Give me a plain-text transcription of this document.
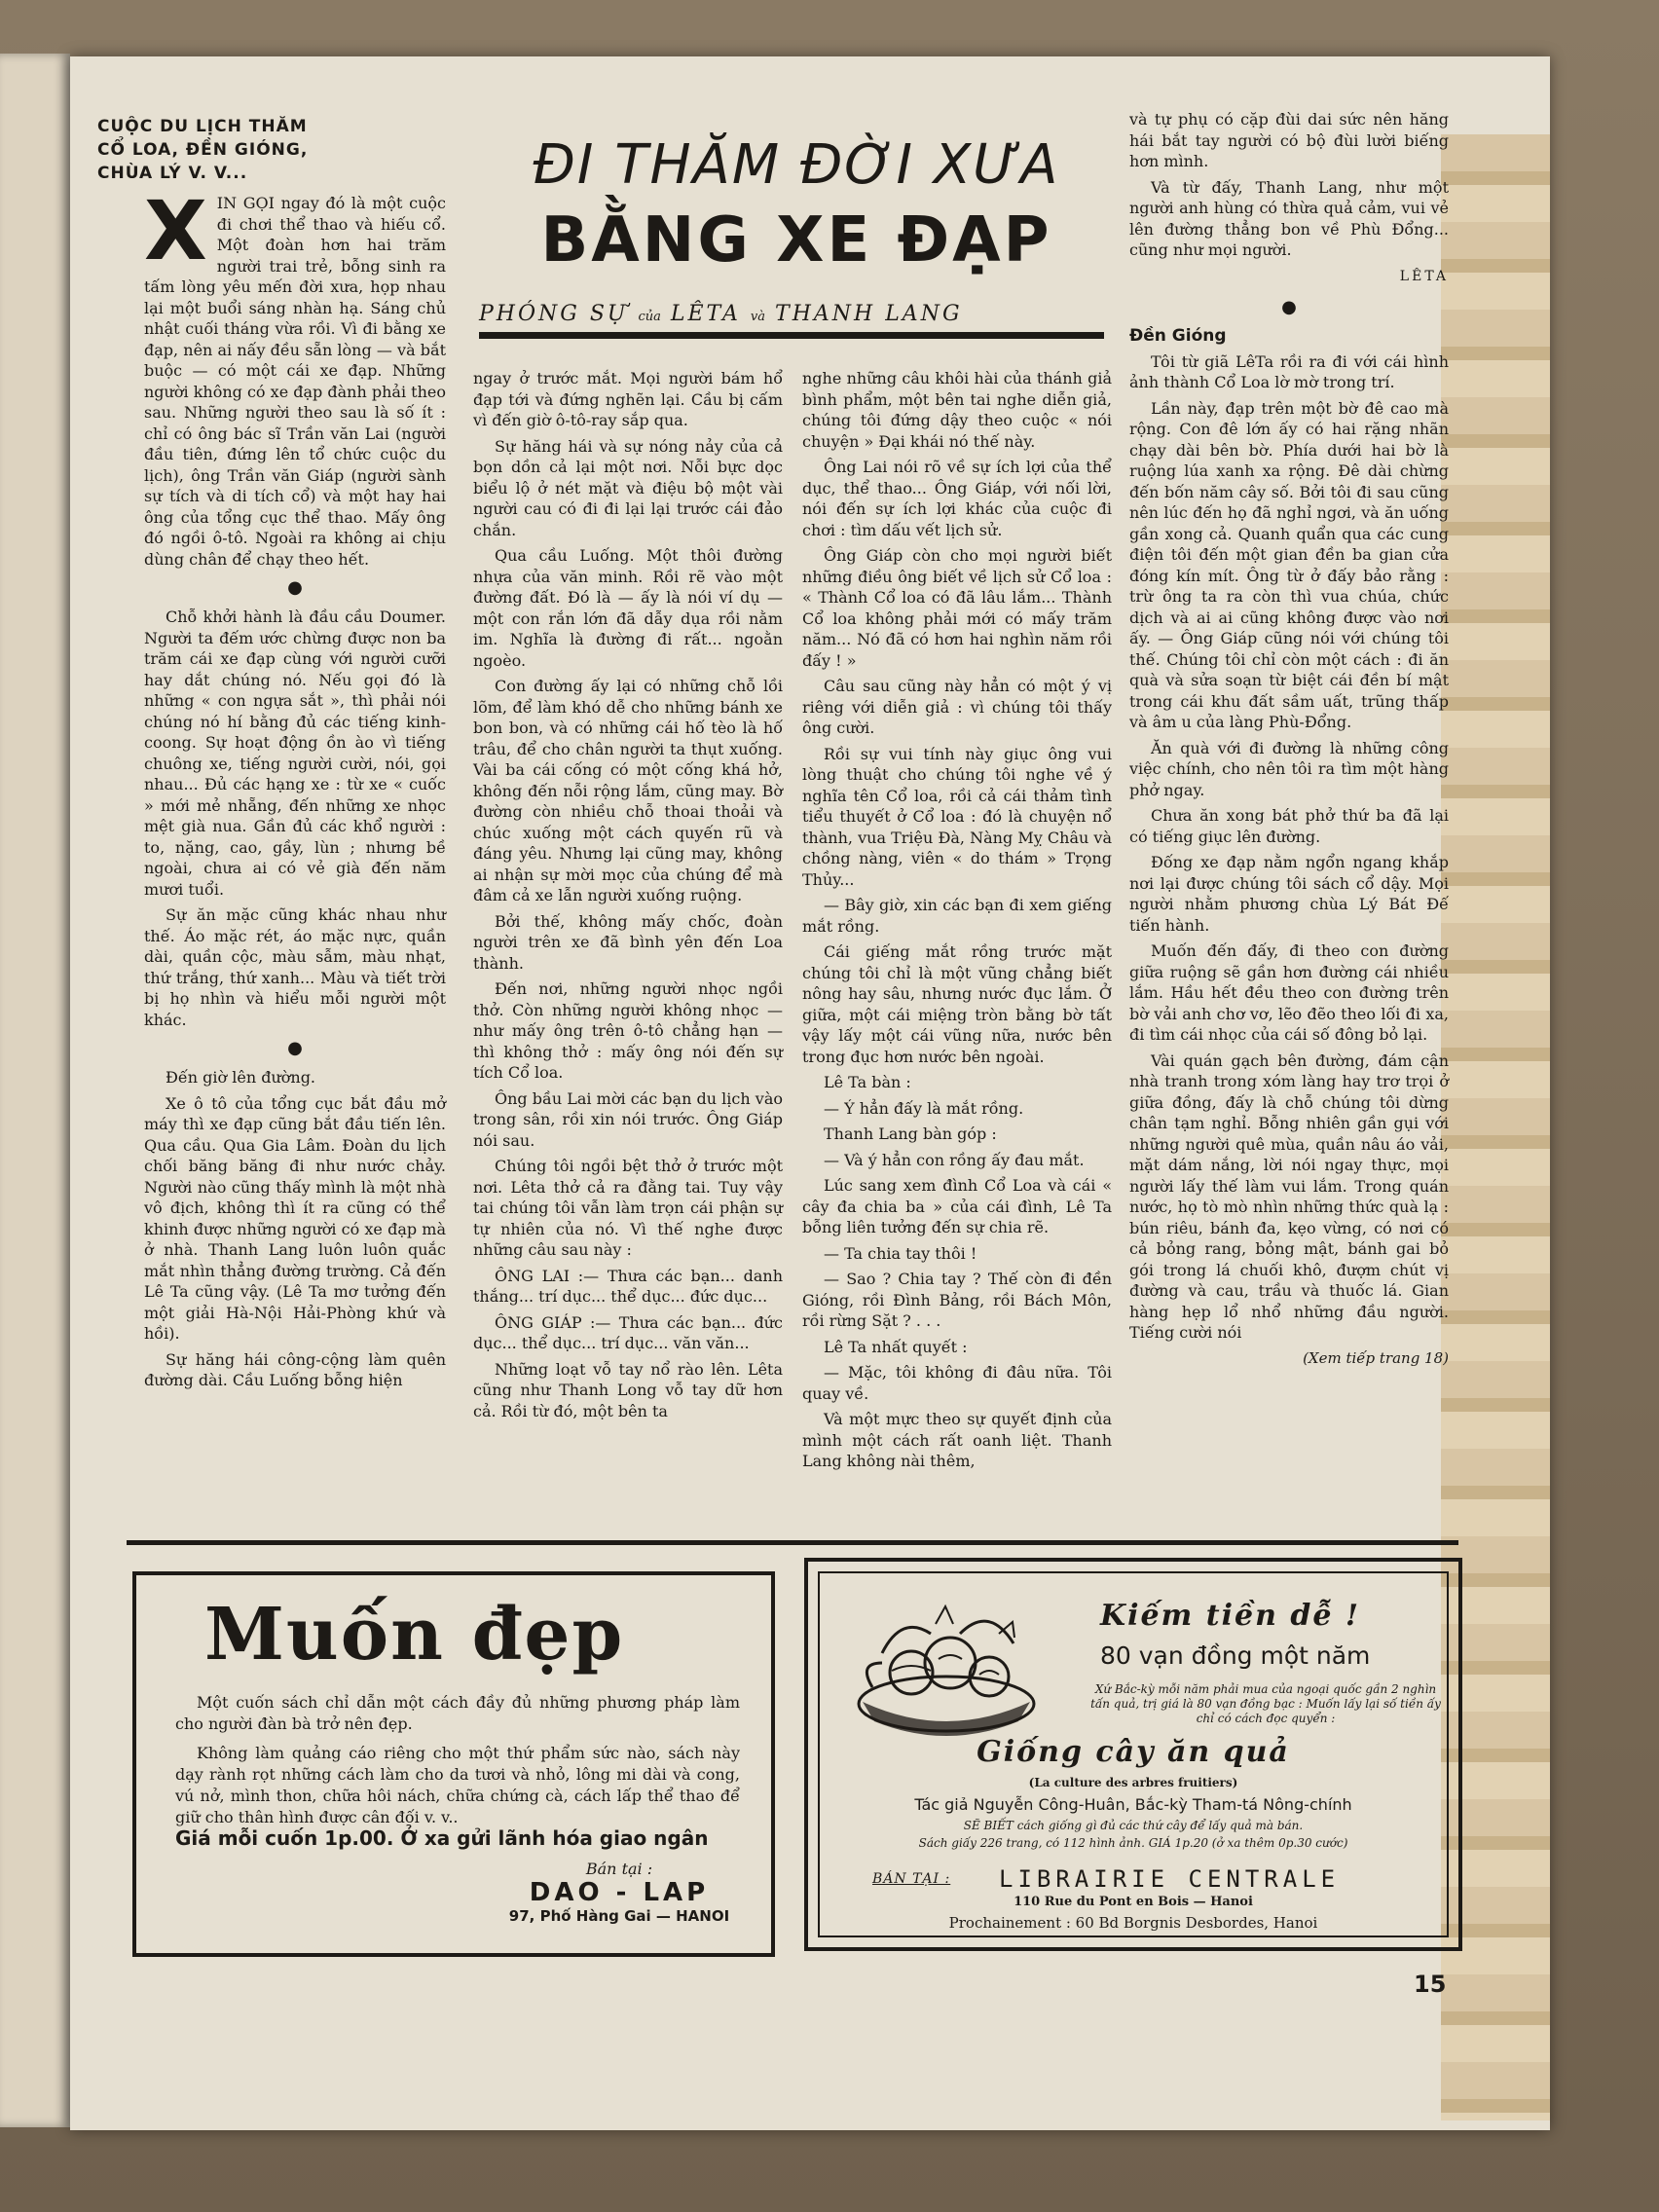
CUỘC DU LỊCH THĂM
CỔ LOA, ĐỀN GIÓNG,
CHÙA LÝ V. V...	ĐI THĂM ĐỜI XƯA
BẰNG XE ĐẠP
PHÓNG SỰ của LÊTA và THANH LANG

XIN GỌI ngay đó là một cuộc đi chơi thể thao và hiếu cổ. Một đoàn hơn hai trăm người trai trẻ, bỗng sinh ra tấm lòng yêu mến đời xưa, họp nhau lại một buổi sáng nhàn hạ. Sáng chủ nhật cuối tháng vừa rồi. Vì đi bằng xe đạp, nên ai nấy đều sẵn lòng — và bắt buộc — có một cái xe đạp. Những người không có xe đạp đành phải theo sau. Những người theo sau là số ít : chỉ có ông bác sĩ Trần văn Lai (người đầu tiên, đứng lên tổ chức cuộc du lịch), ông Trần văn Giáp (người sành sự tích và di tích cổ) và một hay hai ông của tổng cục thể thao. Mấy ông đó ngồi ô-tô. Ngoài ra không ai chịu dùng chân để chạy theo hết.

●

Chỗ khởi hành là đầu cầu Doumer. Người ta đếm ước chừng được non ba trăm cái xe đạp cùng với người cưỡi hay dắt chúng nó. Nếu gọi đó là những « con ngựa sắt », thì phải nói chúng nó hí bằng đủ các tiếng kinh-coong. Sự hoạt động ồn ào vì tiếng chuông xe, tiếng người cười, nói, gọi nhau... Đủ các hạng xe : từ xe « cuốc » mới mẻ nhẵng, đến những xe nhọc mệt già nua. Gần đủ các khổ người : to, nặng, cao, gầy, lùn ; nhưng bề ngoài, chưa ai có vẻ già đến năm mươi tuổi.

Sự ăn mặc cũng khác nhau như thế. Áo mặc rét, áo mặc nực, quần dài, quần cộc, màu sẫm, màu nhạt, thứ trắng, thứ xanh... Màu và tiết trời bị họ nhìn và hiểu mỗi người một khác.

●

Đến giờ lên đường.

Xe ô tô của tổng cục bắt đầu mở máy thì xe đạp cũng bắt đầu tiến lên. Qua cầu. Qua Gia Lâm. Đoàn du lịch chối băng băng đi như nước chảy. Người nào cũng thấy mình là một nhà vô địch, không thì ít ra cũng có thể khinh được những người có xe đạp mà ở nhà. Thanh Lang luôn luôn quắc mắt nhìn thẳng đường trường. Cả đến Lê Ta cũng vậy. (Lê Ta mơ tưởng đến một giải Hà-Nội Hải-Phòng khứ và hồi).

Sự hăng hái công-cộng làm quên đường dài. Cầu Luống bỗng hiện

ngay ở trước mắt. Mọi người bám hổ đạp tới và đứng nghẽn lại. Cầu bị cấm vì đến giờ ô-tô-ray sắp qua.

Sự hăng hái và sự nóng nảy của cả bọn dồn cả lại một nơi. Nỗi bực dọc biểu lộ ở nét mặt và điệu bộ một vài người cau có đi đi lại lại trước cái đảo chắn.

Qua cầu Luống. Một thôi đường nhựa của văn minh. Rồi rẽ vào một đường đất. Đó là — ấy là nói ví dụ — một con rắn lớn đã dẫy dụa rồi nằm im. Nghĩa là đường đi rất... ngoằn ngoèo.

Con đường ấy lại có những chỗ lồi lõm, để làm khó dễ cho những bánh xe bon bon, và có những cái hố tèo là hố trâu, để cho chân người ta thụt xuống. Vài ba cái cống có một cống khá hở, không đến nỗi rộng lắm, cũng may. Bờ đường còn nhiều chỗ thoai thoải và chúc xuống một cách quyến rũ và đáng yêu. Nhưng lại cũng may, không ai nhận sự mời mọc của chúng để mà đâm cả xe lẫn người xuống ruộng.

Bởi thế, không mấy chốc, đoàn người trên xe đã bình yên đến Loa thành.

Đến nơi, những người nhọc ngồi thở. Còn những người không nhọc — như mấy ông trên ô-tô chẳng hạn — thì không thở : mấy ông nói đến sự tích Cổ loa.

Ông bầu Lai mời các bạn du lịch vào trong sân, rồi xin nói trước. Ông Giáp nói sau.

Chúng tôi ngồi bệt thở ở trước một nơi. Lêta thở cả ra đằng tai. Tuy vậy tai chúng tôi vẫn làm trọn cái phận sự tự nhiên của nó. Vì thế nghe được những câu sau này :

ÔNG LAI :— Thưa các bạn... danh thắng... trí dục... thể dục... đức dục...

ÔNG GIÁP :— Thưa các bạn... đức dục... thể dục... trí dục... văn văn...

Những loạt vỗ tay nổ rào lên. Lêta cũng như Thanh Long vỗ tay dữ hơn cả. Rồi từ đó, một bên ta

nghe những câu khôi hài của thánh giả bình phẩm, một bên tai nghe diễn giả, chúng tôi đứng dậy theo cuộc « nói chuyện » Đại khái nó thế này.

Ông Lai nói rõ về sự ích lợi của thể dục, thể thao... Ông Giáp, với nối lời, nói đến sự ích lợi khác của cuộc đi chơi : tìm dấu vết lịch sử.

Ông Giáp còn cho mọi người biết những điều ông biết về lịch sử Cổ loa : « Thành Cổ loa có đã lâu lắm... Thành Cổ loa không phải mới có mấy trăm năm... Nó đã có hơn hai nghìn năm rồi đấy ! »

Câu sau cũng này hẳn có một ý vị riêng với diễn giả : vì chúng tôi thấy ông cười.

Rồi sự vui tính này giục ông vui lòng thuật cho chúng tôi nghe về ý nghĩa tên Cổ loa, rồi cả cái thảm tình tiểu thuyết ở Cổ loa : đó là chuyện nổ thành, vua Triệu Đà, Nàng Mỵ Châu và chồng nàng, viên « do thám » Trọng Thủy...

— Bây giờ, xin các bạn đi xem giếng mắt rồng.

Cái giếng mắt rồng trước mặt chúng tôi chỉ là một vũng chẳng biết nông hay sâu, nhưng nước đục lắm. Ở giữa, một cái miệng tròn bằng bờ tất vậy lấy một cái vũng nữa, nước bên trong đục hơn nước bên ngoài.

Lê Ta bàn :

— Ý hẳn đấy là mắt rồng.

Thanh Lang bàn góp :

— Và ý hẳn con rồng ấy đau mắt.

Lúc sang xem đình Cổ Loa và cái « cây đa chia ba » của cái đình, Lê Ta bỗng liên tưởng đến sự chia rẽ.

— Ta chia tay thôi !

— Sao ? Chia tay ? Thế còn đi đền Gióng, rồi Đình Bảng, rồi Bách Môn, rồi rừng Sặt ? . . .

Lê Ta nhất quyết :

— Mặc, tôi không đi đâu nữa. Tôi quay về.

Và một mực theo sự quyết định của mình một cách rất oanh liệt. Thanh Lang không nài thêm,

và tự phụ có cặp đùi dai sức nên hăng hái bắt tay người có bộ đùi lười biếng hơn mình.

Và từ đấy, Thanh Lang, như một người anh hùng có thừa quả cảm, vui vẻ lên đường thẳng bon về Phù Đổng... cũng như mọi người.

LÊTA
●
Đền Gióng

Tôi từ giã LêTa rồi ra đi với cái hình ảnh thành Cổ Loa lờ mờ trong trí.

Lần này, đạp trên một bờ đê cao mà rộng. Con đê lớn ấy có hai rặng nhãn chạy dài bên bờ. Phía dưới hai bờ là ruộng lúa xanh xa rộng. Đê dài chừng đến bốn năm cây số. Bởi tôi đi sau cũng nên lúc đến họ đã nghỉ ngơi, và ăn uống gần xong cả. Quanh quẩn qua các cung điện tôi đến một gian đền ba gian cửa đóng kín mít. Ông từ ở đấy bảo rằng : trừ ông ta ra còn thì vua chúa, chức dịch và ai ai cũng không được vào nơi ấy. — Ông Giáp cũng nói với chúng tôi thế. Chúng tôi chỉ còn một cách : đi ăn quà và sửa soạn từ biệt cái đền bí mật trong cái khu đất sầm uất, trũng thấp và âm u của làng Phù-Đổng.

Ăn quà với đi đường là những công việc chính, cho nên tôi ra tìm một hàng phở ngay.

Chưa ăn xong bát phở thứ ba đã lại có tiếng giục lên đường.

Đống xe đạp nằm ngổn ngang khắp nơi lại được chúng tôi sách cổ dậy. Mọi người nhằm phương chùa Lý Bát Đế tiến hành.

Muốn đến đấy, đi theo con đường giữa ruộng sẽ gần hơn đường cái nhiều lắm. Hầu hết đều theo con đường trên bờ vải anh chơ vơ, lẽo đẽo theo lối đi xa, đi tìm cái nhọc của cái số đông bỏ lại.

Vài quán gạch bên đường, đám cận nhà tranh trong xóm làng hay trơ trọi ở giữa đồng, đấy là chỗ chúng tôi dừng chân tạm nghỉ. Bỗng nhiên gần gụi với những người quê mùa, quần nâu áo vải, mặt dám nắng, lời nói ngay thực, mọi người lấy thế làm vui lắm. Trong quán nước, họ tò mò nhìn những thức quà lạ : bún riêu, bánh đa, kẹo vừng, có nơi có cả bỏng rang, bỏng mật, bánh gai bỏ gói trong lá chuối khô, đượm chút vị đường và cau, trầu và thuốc lá. Gian hàng hẹp lổ nhổ những đầu người. Tiếng cười nói

(Xem tiếp trang 18)
Muốn đẹp

Một cuốn sách chỉ dẫn một cách đầy đủ những phương pháp làm cho người đàn bà trở nên đẹp.

Không làm quảng cáo riêng cho một thứ phẩm sức nào, sách này dạy rành rọt những cách làm cho da tươi và nhỏ, lông mi dài và cong, vú nở, mình thon, chữa hôi nách, chữa chứng cà, cách lấp thể thao để giữ cho thân hình được cân đối v. v..

Giá mỗi cuốn 1p.00. Ở xa gửi lãnh hóa giao ngân
Bán tại :
DAO - LAP
97, Phố Hàng Gai — HANOI
Kiếm tiền dễ !
80 vạn đồng một năm
Xứ Bắc-kỳ mỗi năm phải mua của ngoại quốc gần 2 nghìn tấn quả, trị giá là 80 vạn đồng bạc : Muốn lấy lại số tiền ấy chỉ có cách đọc quyển :
Giống cây ăn quả
(La culture des arbres fruitiers)
Tác giả Nguyễn Công-Huân, Bắc-kỳ Tham-tá Nông-chính
SẼ BIẾT cách giống gì đủ các thứ cây để lấy quả mà bán.
Sách giấy 226 trang, có 112 hình ảnh. GIÁ 1p.20 (ở xa thêm 0p.30 cước)
BÁN TẠI : LIBRAIRIE CENTRALE
110 Rue du Pont en Bois — Hanoi
Prochainement : 60 Bd Borgnis Desbordes, Hanoi
15
